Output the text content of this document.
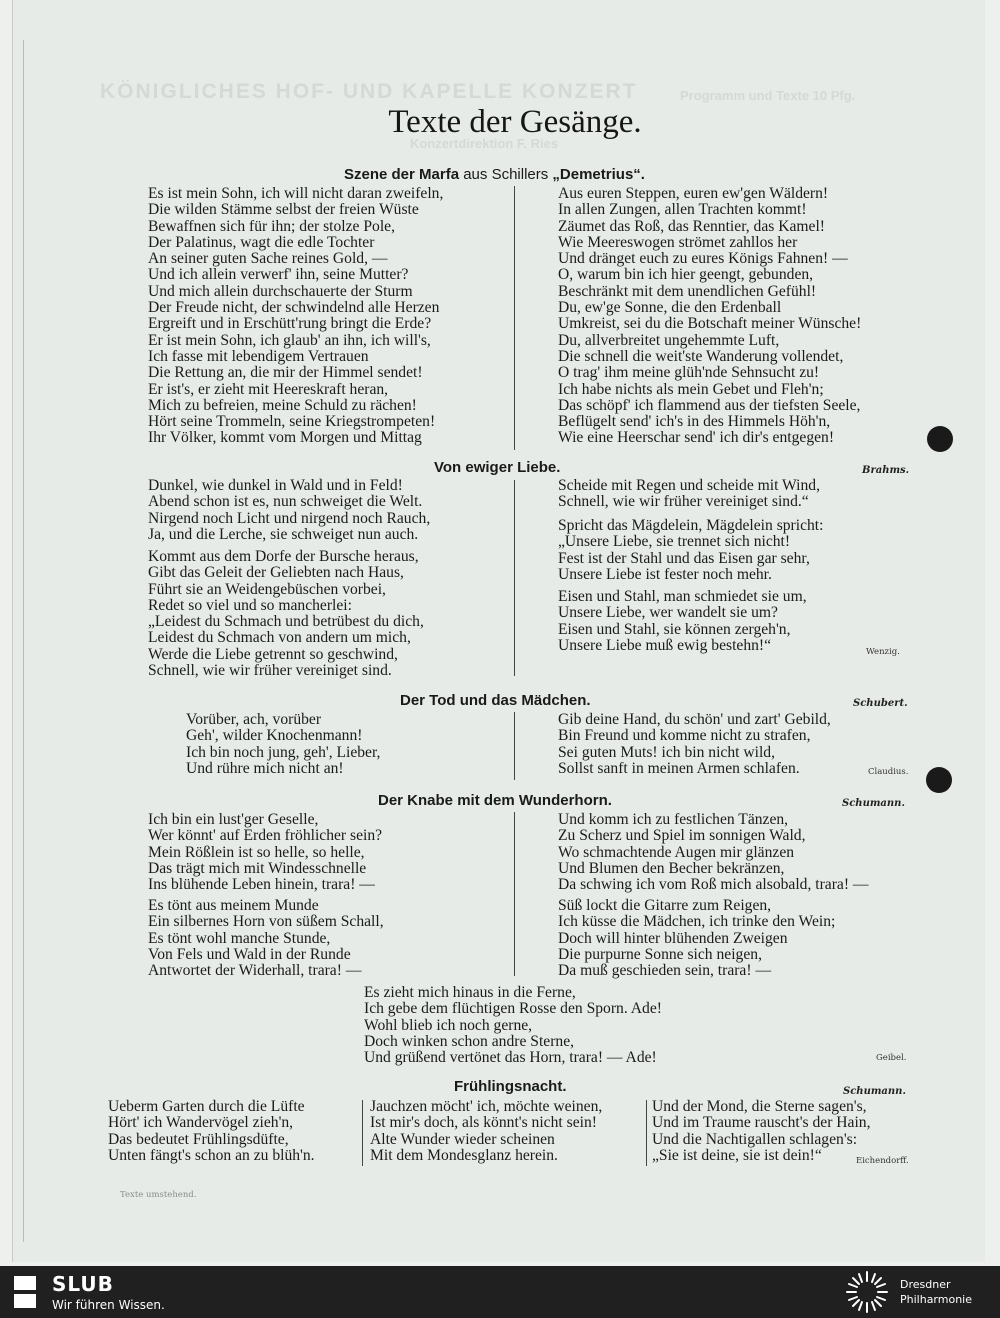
Programm und Texte 10 Pfg.
KÖNIGLICHES HOF- UND KAPELLE KONZERT
Konzertdirektion F. Ries
Texte der Gesänge.
Szene der Marfa aus Schillers „Demetrius“.
Es ist mein Sohn, ich will nicht daran zweifeln,
Die wilden Stämme selbst der freien Wüste
Bewaffnen sich für ihn; der stolze Pole,
Der Palatinus, wagt die edle Tochter
An seiner guten Sache reines Gold, —
Und ich allein verwerf' ihn, seine Mutter?
Und mich allein durchschauerte der Sturm
Der Freude nicht, der schwindelnd alle Herzen
Ergreift und in Erschütt'rung bringt die Erde?
Er ist mein Sohn, ich glaub' an ihn, ich will's,
Ich fasse mit lebendigem Vertrauen
Die Rettung an, die mir der Himmel sendet!
Er ist's, er zieht mit Heereskraft heran,
Mich zu befreien, meine Schuld zu rächen!
Hört seine Trommeln, seine Kriegstrompeten!
Ihr Völker, kommt vom Morgen und Mittag
Aus euren Steppen, euren ew'gen Wäldern!
In allen Zungen, allen Trachten kommt!
Zäumet das Roß, das Renntier, das Kamel!
Wie Meereswogen strömet zahllos her
Und dränget euch zu eures Königs Fahnen! —
O, warum bin ich hier geengt, gebunden,
Beschränkt mit dem unendlichen Gefühl!
Du, ew'ge Sonne, die den Erdenball
Umkreist, sei du die Botschaft meiner Wünsche!
Du, allverbreitet ungehemmte Luft,
Die schnell die weit'ste Wanderung vollendet,
O trag' ihm meine glüh'nde Sehnsucht zu!
Ich habe nichts als mein Gebet und Fleh'n;
Das schöpf' ich flammend aus der tiefsten Seele,
Beflügelt send' ich's in des Himmels Höh'n,
Wie eine Heerschar send' ich dir's entgegen!
Von ewiger Liebe.	Brahms.
Dunkel, wie dunkel in Wald und in Feld!
Abend schon ist es, nun schweiget die Welt.
Nirgend noch Licht und nirgend noch Rauch,
Ja, und die Lerche, sie schweiget nun auch.
Kommt aus dem Dorfe der Bursche heraus,
Gibt das Geleit der Geliebten nach Haus,
Führt sie an Weidengebüschen vorbei,
Redet so viel und so mancherlei:
„Leidest du Schmach und betrübest du dich,
Leidest du Schmach von andern um mich,
Werde die Liebe getrennt so geschwind,
Schnell, wie wir früher vereiniget sind.
Scheide mit Regen und scheide mit Wind,
Schnell, wie wir früher vereiniget sind.“
Spricht das Mägdelein, Mägdelein spricht:
„Unsere Liebe, sie trennet sich nicht!
Fest ist der Stahl und das Eisen gar sehr,
Unsere Liebe ist fester noch mehr.
Eisen und Stahl, man schmiedet sie um,
Unsere Liebe, wer wandelt sie um?
Eisen und Stahl, sie können zergeh'n,
Unsere Liebe muß ewig bestehn!“	Wenzig.
Der Tod und das Mädchen.	Schubert.
Vorüber, ach, vorüber
Geh', wilder Knochenmann!
Ich bin noch jung, geh', Lieber,
Und rühre mich nicht an!
Gib deine Hand, du schön' und zart' Gebild,
Bin Freund und komme nicht zu strafen,
Sei guten Muts! ich bin nicht wild,
Sollst sanft in meinen Armen schlafen.	Claudius.
Der Knabe mit dem Wunderhorn.	Schumann.
Ich bin ein lust'ger Geselle,
Wer könnt' auf Erden fröhlicher sein?
Mein Rößlein ist so helle, so helle,
Das trägt mich mit Windesschnelle
Ins blühende Leben hinein, trara! —
Es tönt aus meinem Munde
Ein silbernes Horn von süßem Schall,
Es tönt wohl manche Stunde,
Von Fels und Wald in der Runde
Antwortet der Widerhall, trara! —
Und komm ich zu festlichen Tänzen,
Zu Scherz und Spiel im sonnigen Wald,
Wo schmachtende Augen mir glänzen
Und Blumen den Becher bekränzen,
Da schwing ich vom Roß mich alsobald, trara! —
Süß lockt die Gitarre zum Reigen,
Ich küsse die Mädchen, ich trinke den Wein;
Doch will hinter blühenden Zweigen
Die purpurne Sonne sich neigen,
Da muß geschieden sein, trara! —
Es zieht mich hinaus in die Ferne,
Ich gebe dem flüchtigen Rosse den Sporn. Ade!
Wohl blieb ich noch gerne,
Doch winken schon andre Sterne,
Und grüßend vertönet das Horn, trara! — Ade!	Geibel.
Frühlingsnacht.	Schumann.
Ueberm Garten durch die Lüfte
Hört' ich Wandervögel zieh'n,
Das bedeutet Frühlingsdüfte,
Unten fängt's schon an zu blüh'n.
Jauchzen möcht' ich, möchte weinen,
Ist mir's doch, als könnt's nicht sein!
Alte Wunder wieder scheinen
Mit dem Mondesglanz herein.
Und der Mond, die Sterne sagen's,
Und im Traume rauscht's der Hain,
Und die Nachtigallen schlagen's:
„Sie ist deine, sie ist dein!“	Eichendorff.
Texte umstehend.
SLUB
Wir führen Wissen.
Dresdner
Philharmonie
